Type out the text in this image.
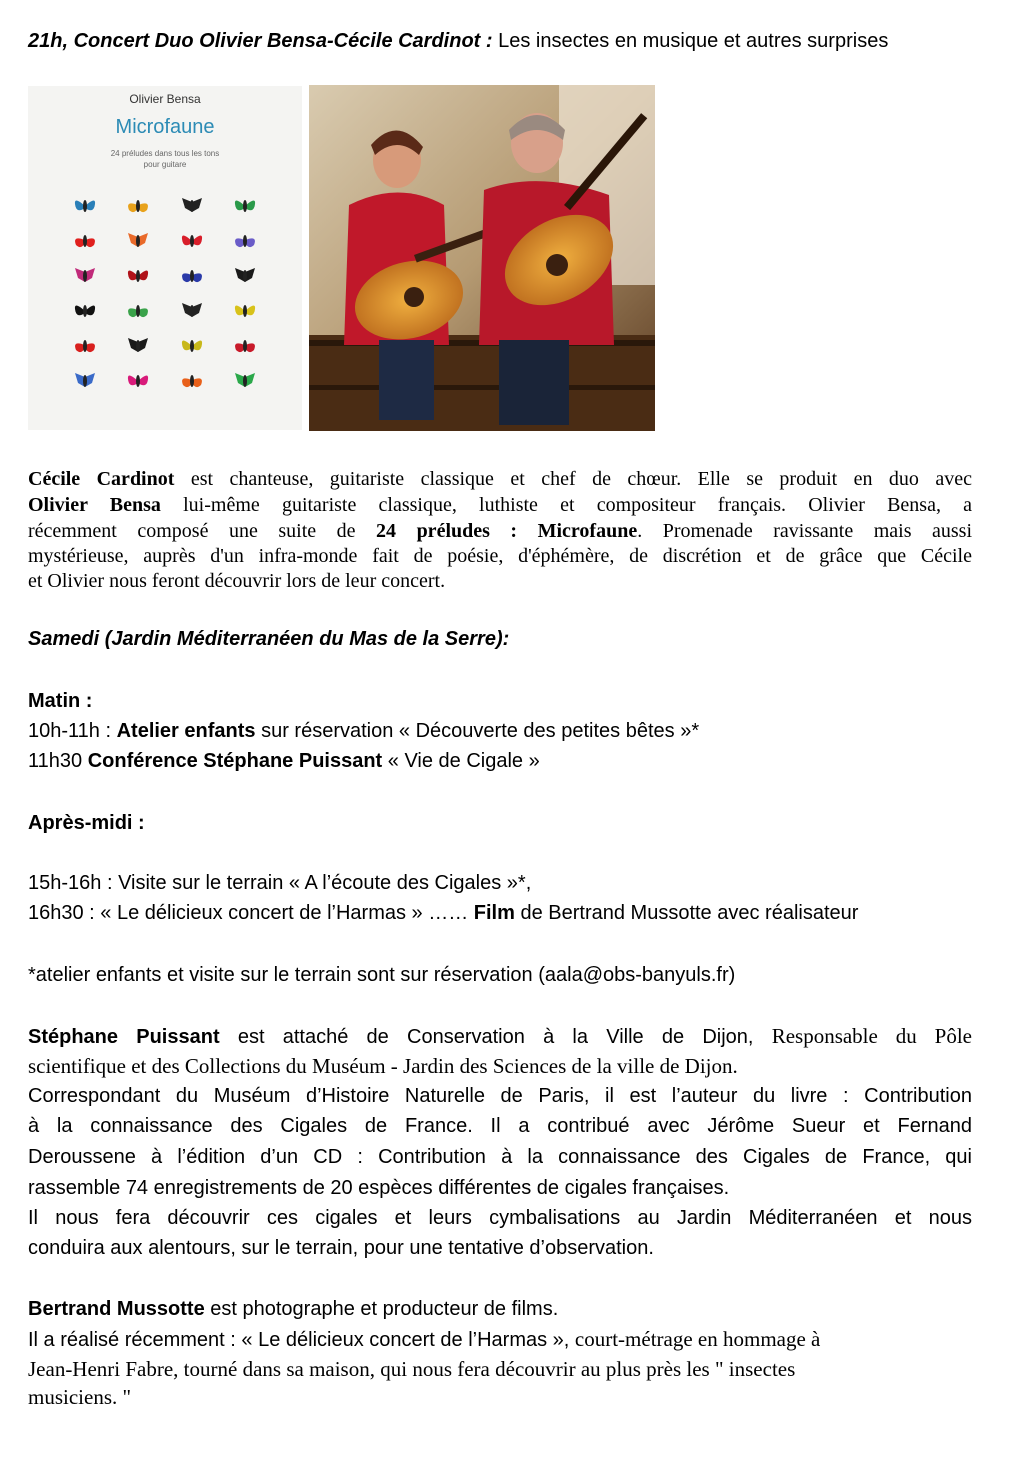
21h, Concert Duo Olivier Bensa-Cécile Cardinot : Les insectes en musique et autres surprises
Olivier Bensa
Microfaune
24 préludes dans tous les tons
pour guitare
Cécile Cardinot est chanteuse, guitariste classique et chef de chœur. Elle se produit en duo avec
Olivier Bensa lui-même guitariste classique, luthiste et compositeur français. Olivier Bensa, a
récemment composé une suite de 24 préludes : Microfaune. Promenade ravissante mais aussi
mystérieuse, auprès d'un infra-monde fait de poésie, d'éphémère, de discrétion et de grâce que Cécile
et Olivier nous feront découvrir lors de leur concert.
Samedi (Jardin Méditerranéen du Mas de la Serre):
Matin :
10h-11h : Atelier enfants sur réservation « Découverte des petites bêtes »*
11h30 Conférence Stéphane Puissant « Vie de Cigale »
Après-midi :
15h-16h : Visite sur le terrain « A l’écoute des Cigales »*,
16h30 : « Le délicieux concert de l’Harmas » …… Film de Bertrand Mussotte avec réalisateur
*atelier enfants et visite sur le terrain sont sur réservation (aala@obs-banyuls.fr)
Stéphane Puissant est attaché de Conservation à la Ville de Dijon, Responsable du Pôle
scientifique et des Collections du Muséum - Jardin des Sciences de la ville de Dijon.
Correspondant du Muséum d’Histoire Naturelle de Paris, il est l’auteur du livre : Contribution
à la connaissance des Cigales de France. Il a contribué avec Jérôme Sueur et Fernand
Deroussene à l’édition d’un CD : Contribution à la connaissance des Cigales de France, qui
rassemble 74 enregistrements de 20 espèces différentes de cigales françaises.
Il nous fera découvrir ces cigales et leurs cymbalisations au Jardin Méditerranéen et nous
conduira aux alentours, sur le terrain, pour une tentative d’observation.
Bertrand Mussotte est photographe et producteur de films.
Il a réalisé récemment : « Le délicieux concert de l’Harmas », court-métrage en hommage à
Jean-Henri Fabre, tourné dans sa maison, qui nous fera découvrir au plus près les " insectes
musiciens. "
